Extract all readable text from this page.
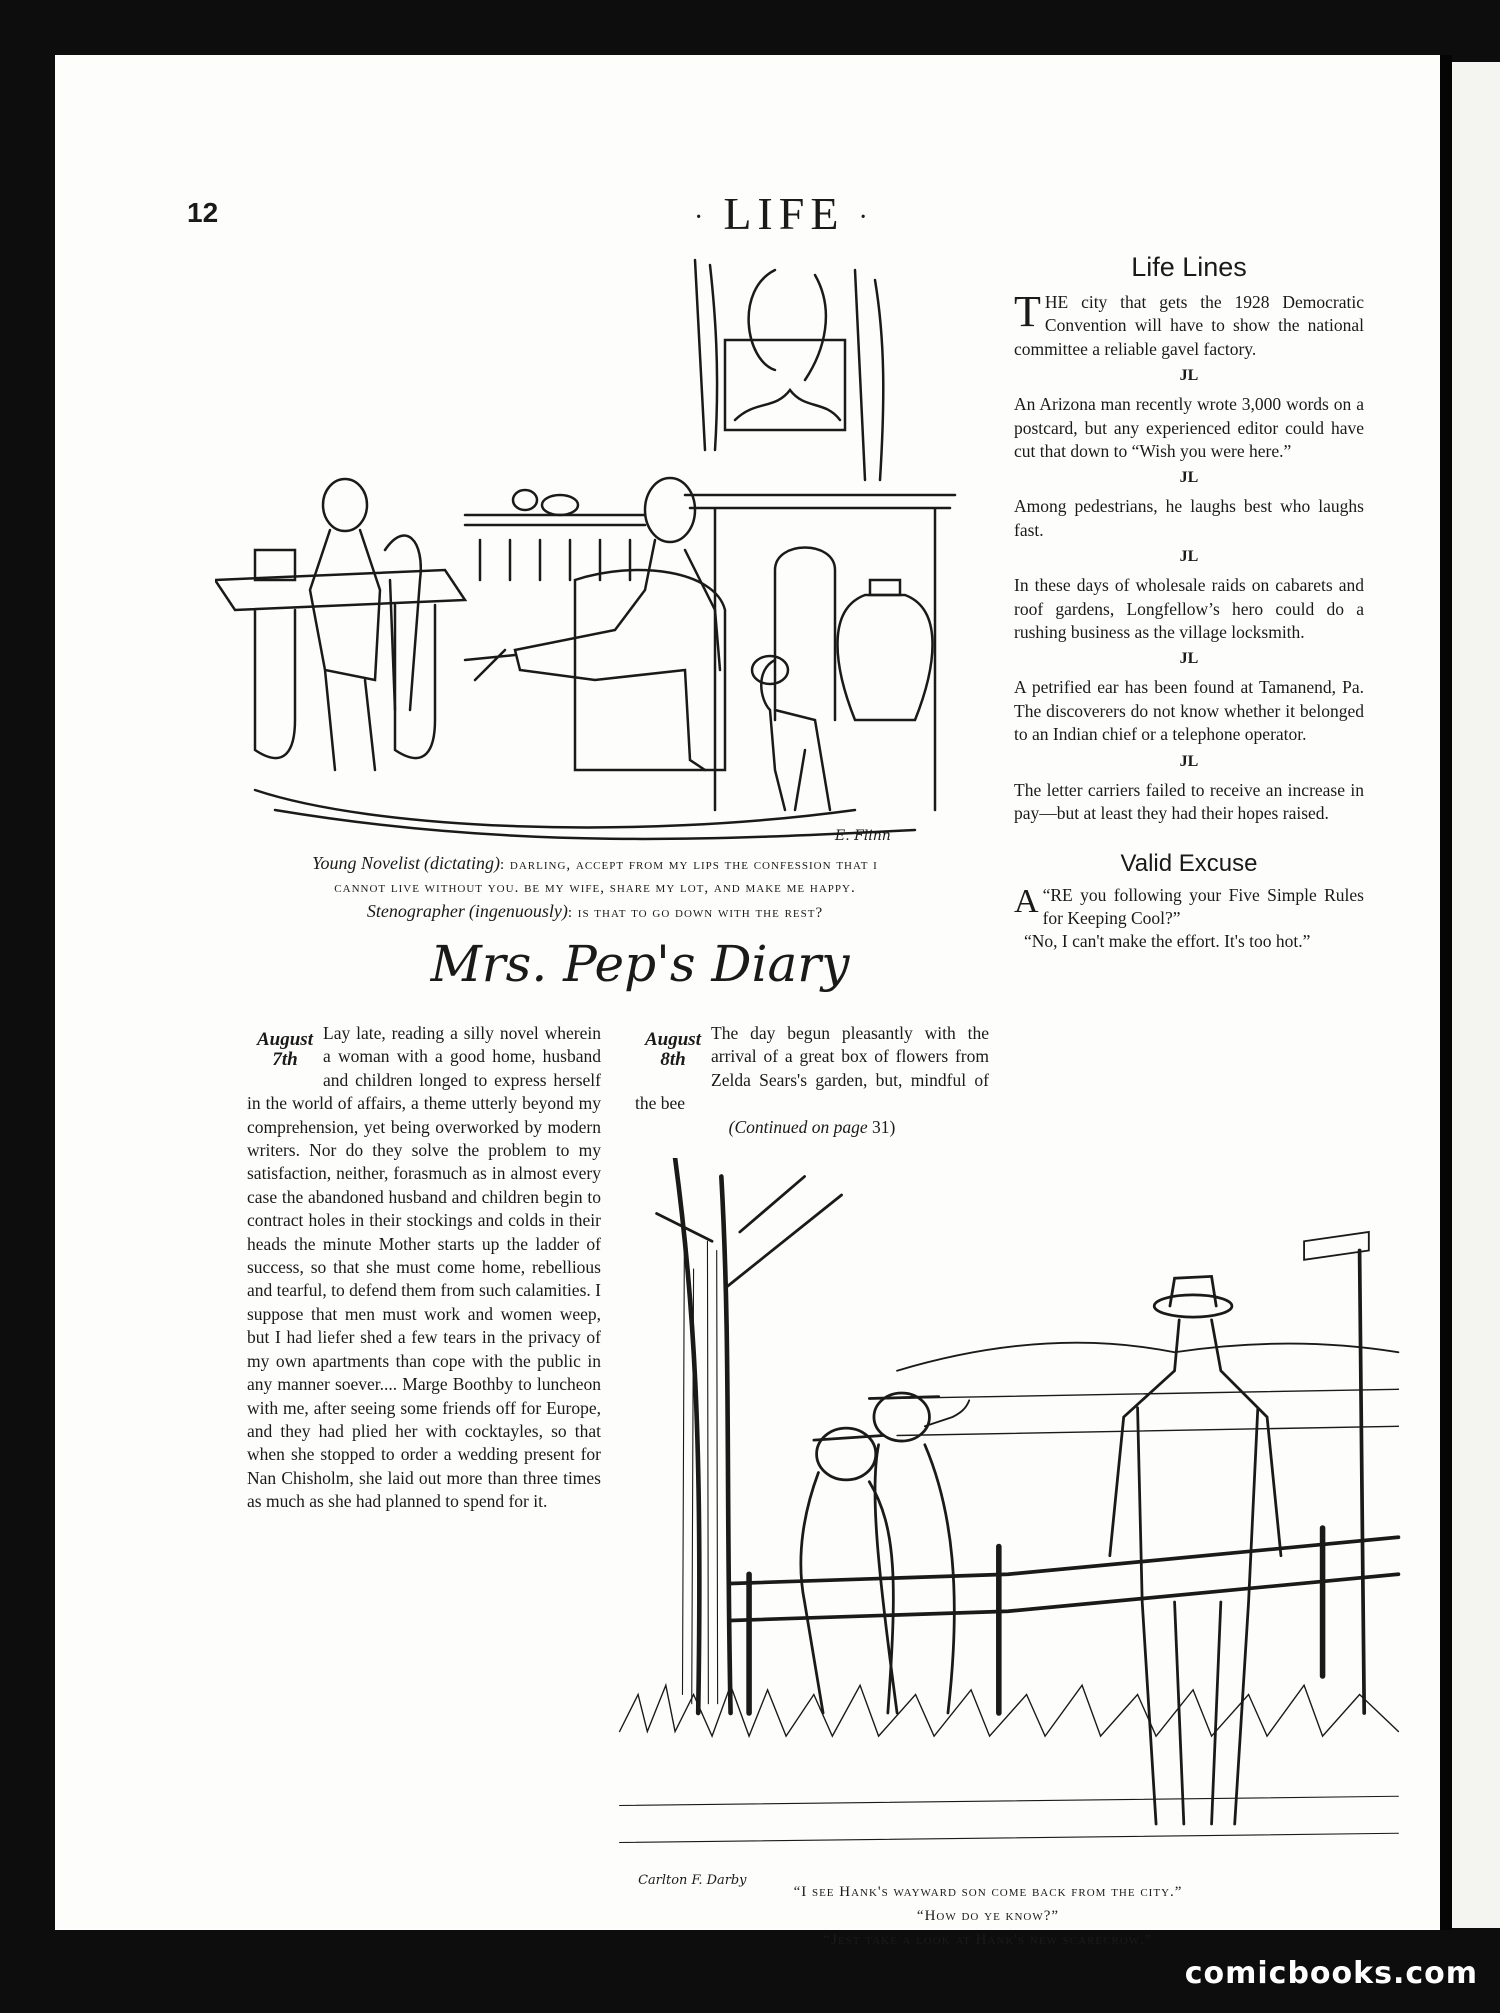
12	· LIFE ·
E. Flinn
Young Novelist (dictating): darling, accept from my lips the confession that i
cannot live without you. be my wife, share my lot, and make me happy.
Stenographer (ingenuously): is that to go down with the rest?
Mrs. Pep's Diary
August
7th

Lay late, reading a silly novel wherein a woman with a good home, husband and children longed to express herself in the world of affairs, a theme utterly beyond my comprehension, yet being overworked by modern writers. Nor do they solve the problem to my satisfaction, neither, forasmuch as in almost every case the abandoned husband and children begin to contract holes in their stockings and colds in their heads the minute Mother starts up the ladder of success, so that she must come home, rebellious and tearful, to defend them from such calamities. I suppose that men must work and women weep, but I had liefer shed a few tears in the privacy of my own apartments than cope with the public in any manner soever.... Marge Boothby to luncheon with me, after seeing some friends off for Europe, and they had plied her with cocktayles, so that when she stopped to order a wedding present for Nan Chisholm, she laid out more than three times as much as she had planned to spend for it.

August
8th

The day begun pleasantly with the arrival of a great box of flowers from Zelda Sears's garden, but, mindful of the bee

(Continued on page 31)

Life Lines

THE city that gets the 1928 Democratic Convention will have to show the national committee a reliable gavel factory.

JL

An Arizona man recently wrote 3,000 words on a postcard, but any experienced editor could have cut that down to “Wish you were here.”

JL

Among pedestrians, he laughs best who laughs fast.

JL

In these days of wholesale raids on cabarets and roof gardens, Longfellow’s hero could do a rushing business as the village locksmith.

JL

A petrified ear has been found at Tamanend, Pa. The discoverers do not know whether it belonged to an Indian chief or a telephone operator.

JL

The letter carriers failed to receive an increase in pay—but at least they had their hopes raised.

Valid Excuse

“
A RE you following your Five Simple Rules for Keeping Cool?”

“No, I can't make the effort. It's too hot.”

Carlton F. Darby

“I see Hank's wayward son come back from the city.”

“How do ye know?”

“Jest take a look at Hank's new scarecrow.”

comicbooks.com
